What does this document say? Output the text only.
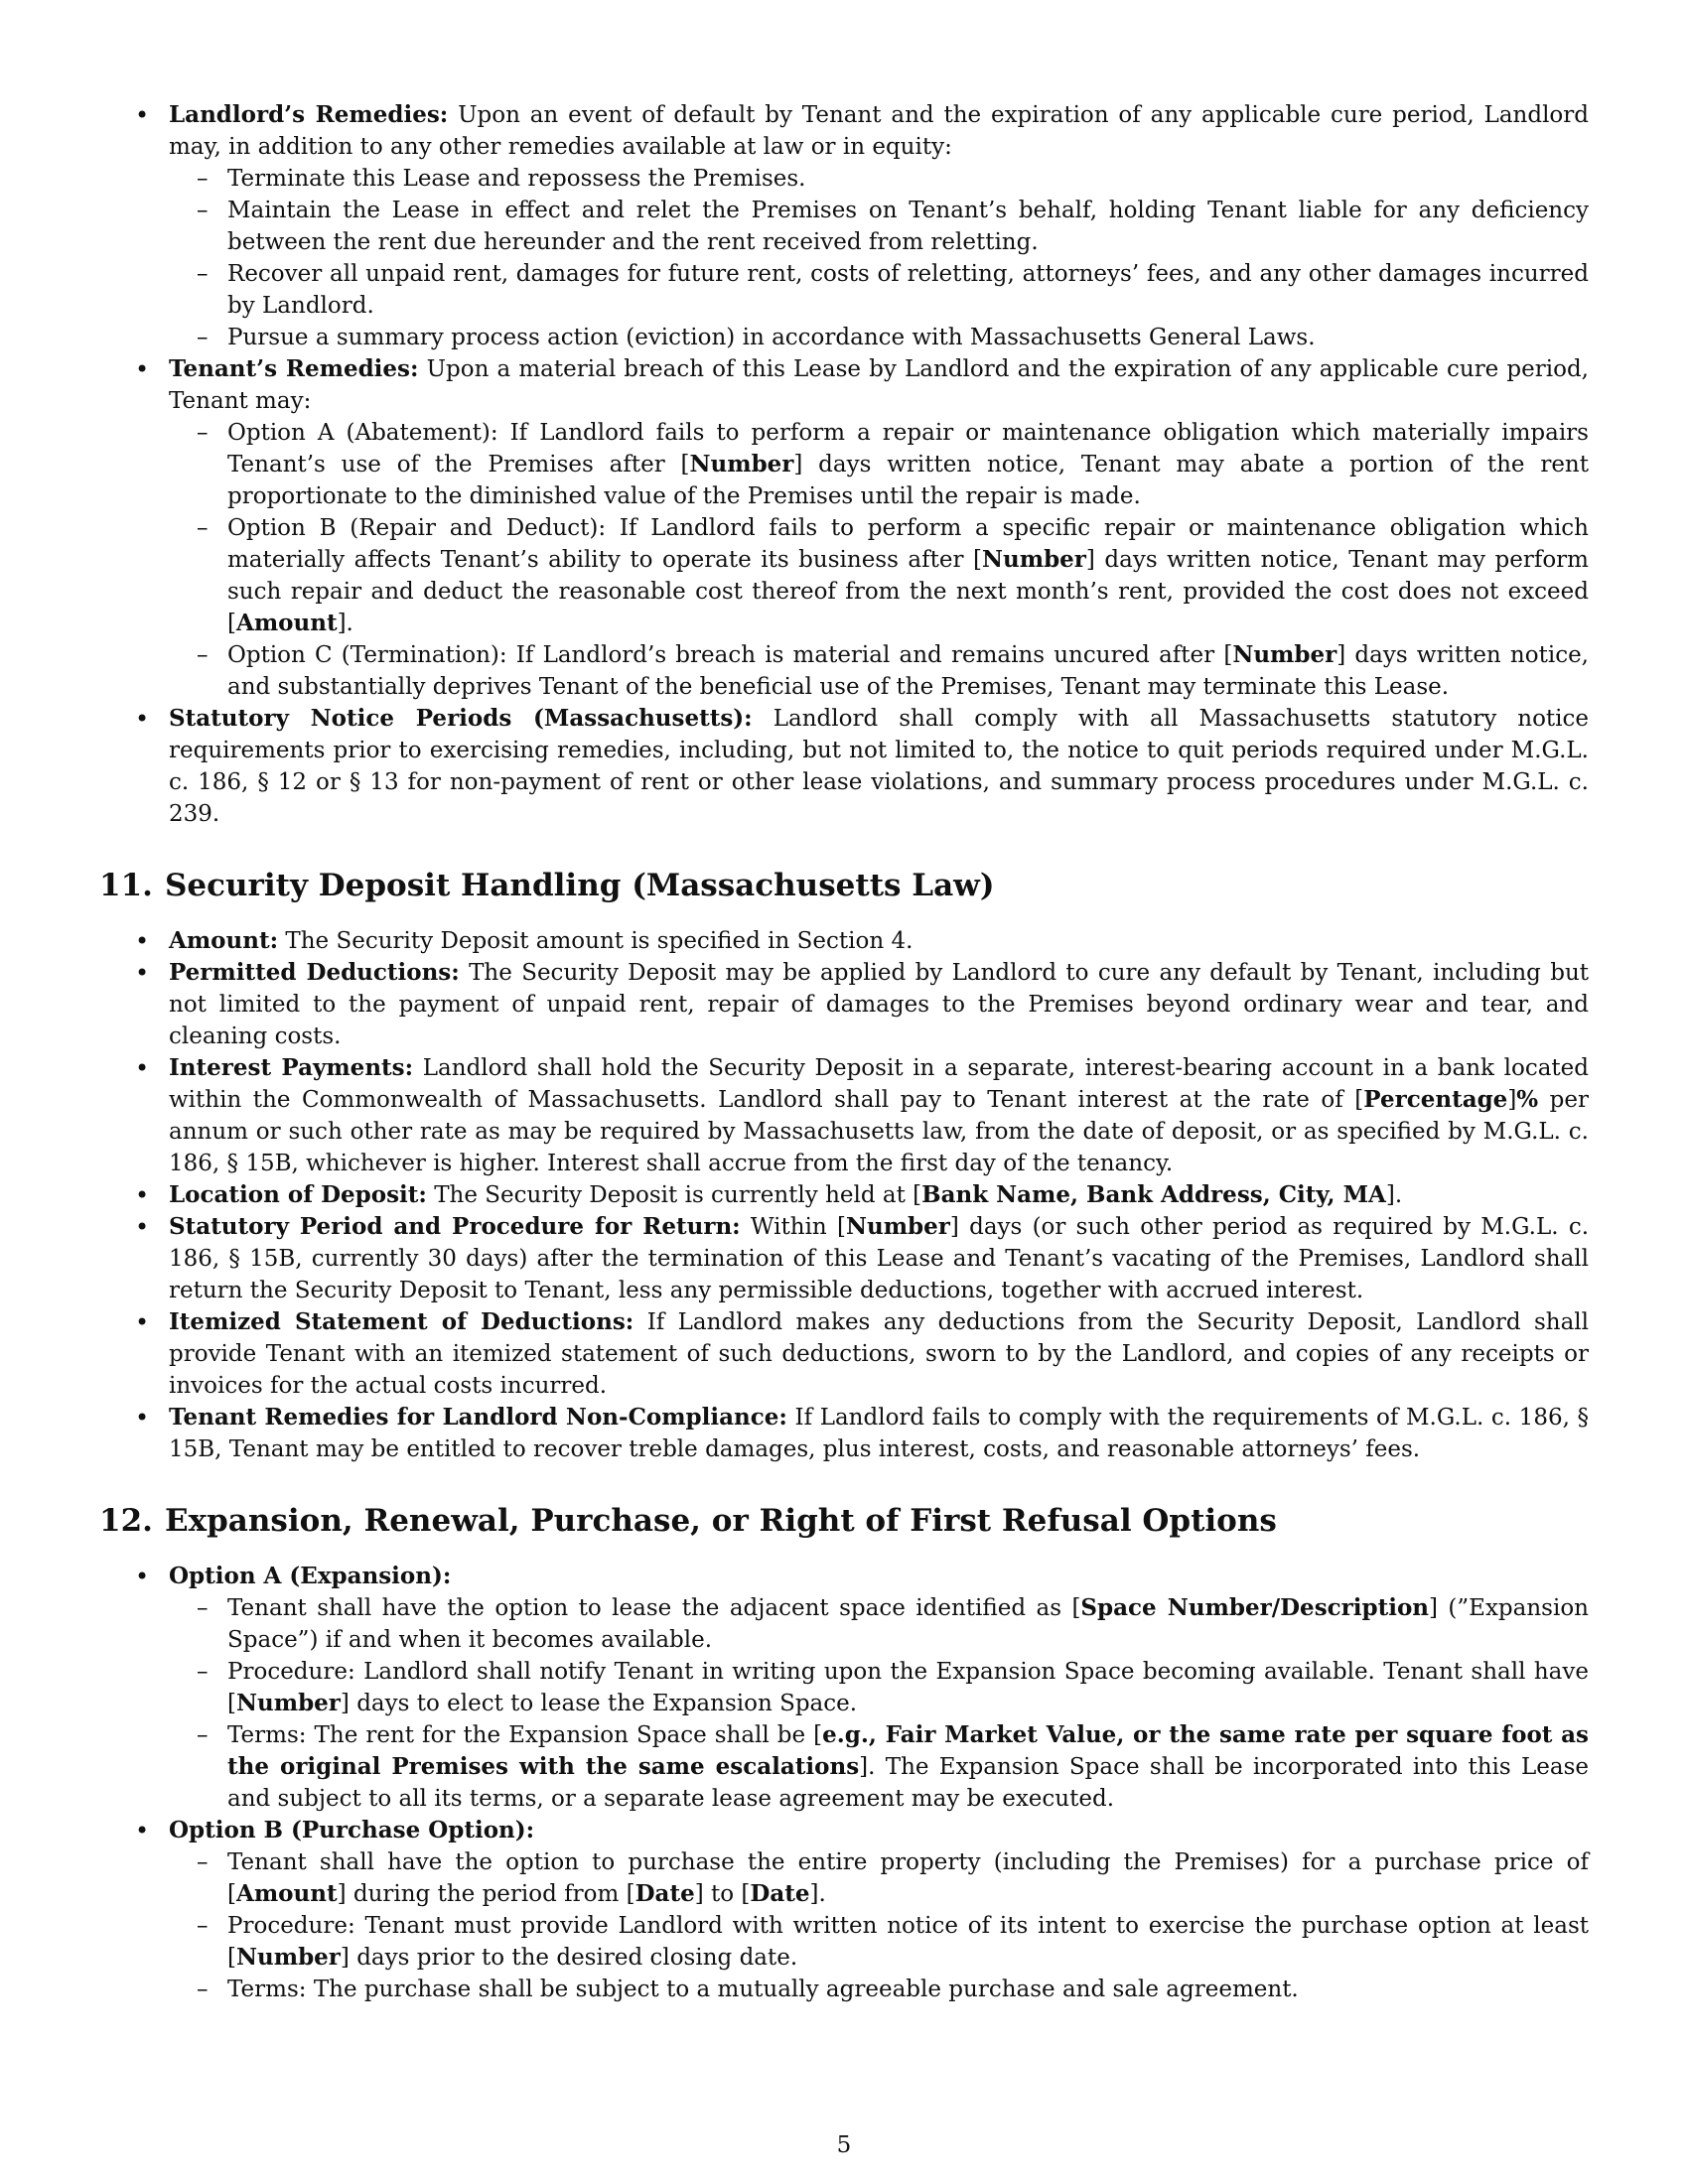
• Landlord’s Remedies: Upon an event of default by Tenant and the expiration of any applicable cure period, Landlord may, in addition to any other remedies available at law or in equity:
– Terminate this Lease and repossess the Premises.
– Maintain the Lease in effect and relet the Premises on Tenant’s behalf, holding Tenant liable for any deficiency between the rent due hereunder and the rent received from reletting.
– Recover all unpaid rent, damages for future rent, costs of reletting, attorneys’ fees, and any other damages incurred by Landlord.
– Pursue a summary process action (eviction) in accordance with Massachusetts General Laws.
• Tenant’s Remedies: Upon a material breach of this Lease by Landlord and the expiration of any applicable cure period, Tenant may:
– Option A (Abatement): If Landlord fails to perform a repair or maintenance obligation which materially impairs Tenant’s use of the Premises after [Number] days written notice, Tenant may abate a portion of the rent proportionate to the diminished value of the Premises until the repair is made.
– Option B (Repair and Deduct): If Landlord fails to perform a specific repair or maintenance obligation which materially affects Tenant’s ability to operate its business after [Number] days written notice, Tenant may perform such repair and deduct the reasonable cost thereof from the next month’s rent, provided the cost does not exceed [Amount].
– Option C (Termination): If Landlord’s breach is material and remains uncured after [Number] days written notice, and substantially deprives Tenant of the beneficial use of the Premises, Tenant may terminate this Lease.
• Statutory Notice Periods (Massachusetts): Landlord shall comply with all Massachusetts statutory notice requirements prior to exercising remedies, including, but not limited to, the notice to quit periods required under M.G.L. c. 186, § 12 or § 13 for non-payment of rent or other lease violations, and summary process procedures under M.G.L. c. 239.
11. Security Deposit Handling (Massachusetts Law)
• Amount: The Security Deposit amount is specified in Section 4.
• Permitted Deductions: The Security Deposit may be applied by Landlord to cure any default by Tenant, including but not limited to the payment of unpaid rent, repair of damages to the Premises beyond ordinary wear and tear, and cleaning costs.
• Interest Payments: Landlord shall hold the Security Deposit in a separate, interest-bearing account in a bank located within the Commonwealth of Massachusetts. Landlord shall pay to Tenant interest at the rate of [Percentage]% per annum or such other rate as may be required by Massachusetts law, from the date of deposit, or as specified by M.G.L. c. 186, § 15B, whichever is higher. Interest shall accrue from the first day of the tenancy.
• Location of Deposit: The Security Deposit is currently held at [Bank Name, Bank Address, City, MA].
• Statutory Period and Procedure for Return: Within [Number] days (or such other period as required by M.G.L. c. 186, § 15B, currently 30 days) after the termination of this Lease and Tenant’s vacating of the Premises, Landlord shall return the Security Deposit to Tenant, less any permissible deductions, together with accrued interest.
• Itemized Statement of Deductions: If Landlord makes any deductions from the Security Deposit, Landlord shall provide Tenant with an itemized statement of such deductions, sworn to by the Landlord, and copies of any receipts or invoices for the actual costs incurred.
• Tenant Remedies for Landlord Non-Compliance: If Landlord fails to comply with the requirements of M.G.L. c. 186, § 15B, Tenant may be entitled to recover treble damages, plus interest, costs, and reasonable attorneys’ fees.
12. Expansion, Renewal, Purchase, or Right of First Refusal Options
• Option A (Expansion):
– Tenant shall have the option to lease the adjacent space identified as [Space Number/Description] (”Expansion Space”) if and when it becomes available.
– Procedure: Landlord shall notify Tenant in writing upon the Expansion Space becoming available. Tenant shall have [Number] days to elect to lease the Expansion Space.
– Terms: The rent for the Expansion Space shall be [e.g., Fair Market Value, or the same rate per square foot as the original Premises with the same escalations]. The Expansion Space shall be incorporated into this Lease and subject to all its terms, or a separate lease agreement may be executed.
• Option B (Purchase Option):
– Tenant shall have the option to purchase the entire property (including the Premises) for a purchase price of [Amount] during the period from [Date] to [Date].
– Procedure: Tenant must provide Landlord with written notice of its intent to exercise the purchase option at least [Number] days prior to the desired closing date.
– Terms: The purchase shall be subject to a mutually agreeable purchase and sale agreement.
5
